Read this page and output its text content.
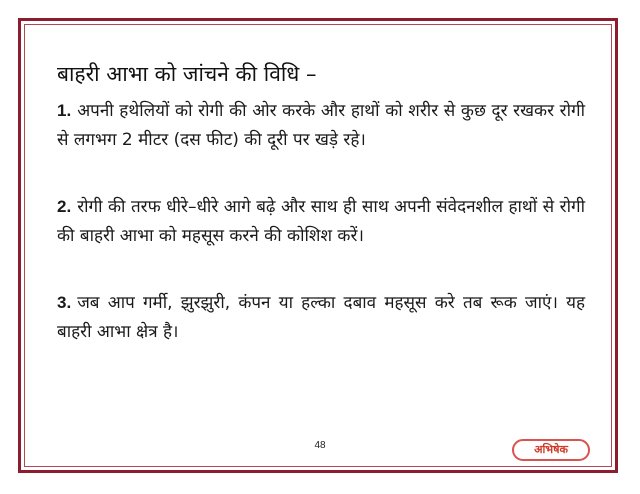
बाहरी आभा को जांचने की विधि –
1. अपनी हथेलियों को रोगी की ओर करके और हाथों को शरीर से कुछ दूर रखकर रोगी से लगभग 2 मीटर (दस फीट) की दूरी पर खड़े रहे।
2. रोगी की तरफ धीरे–धीरे आगे बढ़े और साथ ही साथ अपनी संवेदनशील हाथों से रोगी की बाहरी आभा को महसूस करने की कोशिश करें।
3. जब आप गर्मी, झुरझुरी, कंपन या हल्का दबाव महसूस करे तब रूक जाएं। यह बाहरी आभा क्षेत्र है।
48	अभिषेक
